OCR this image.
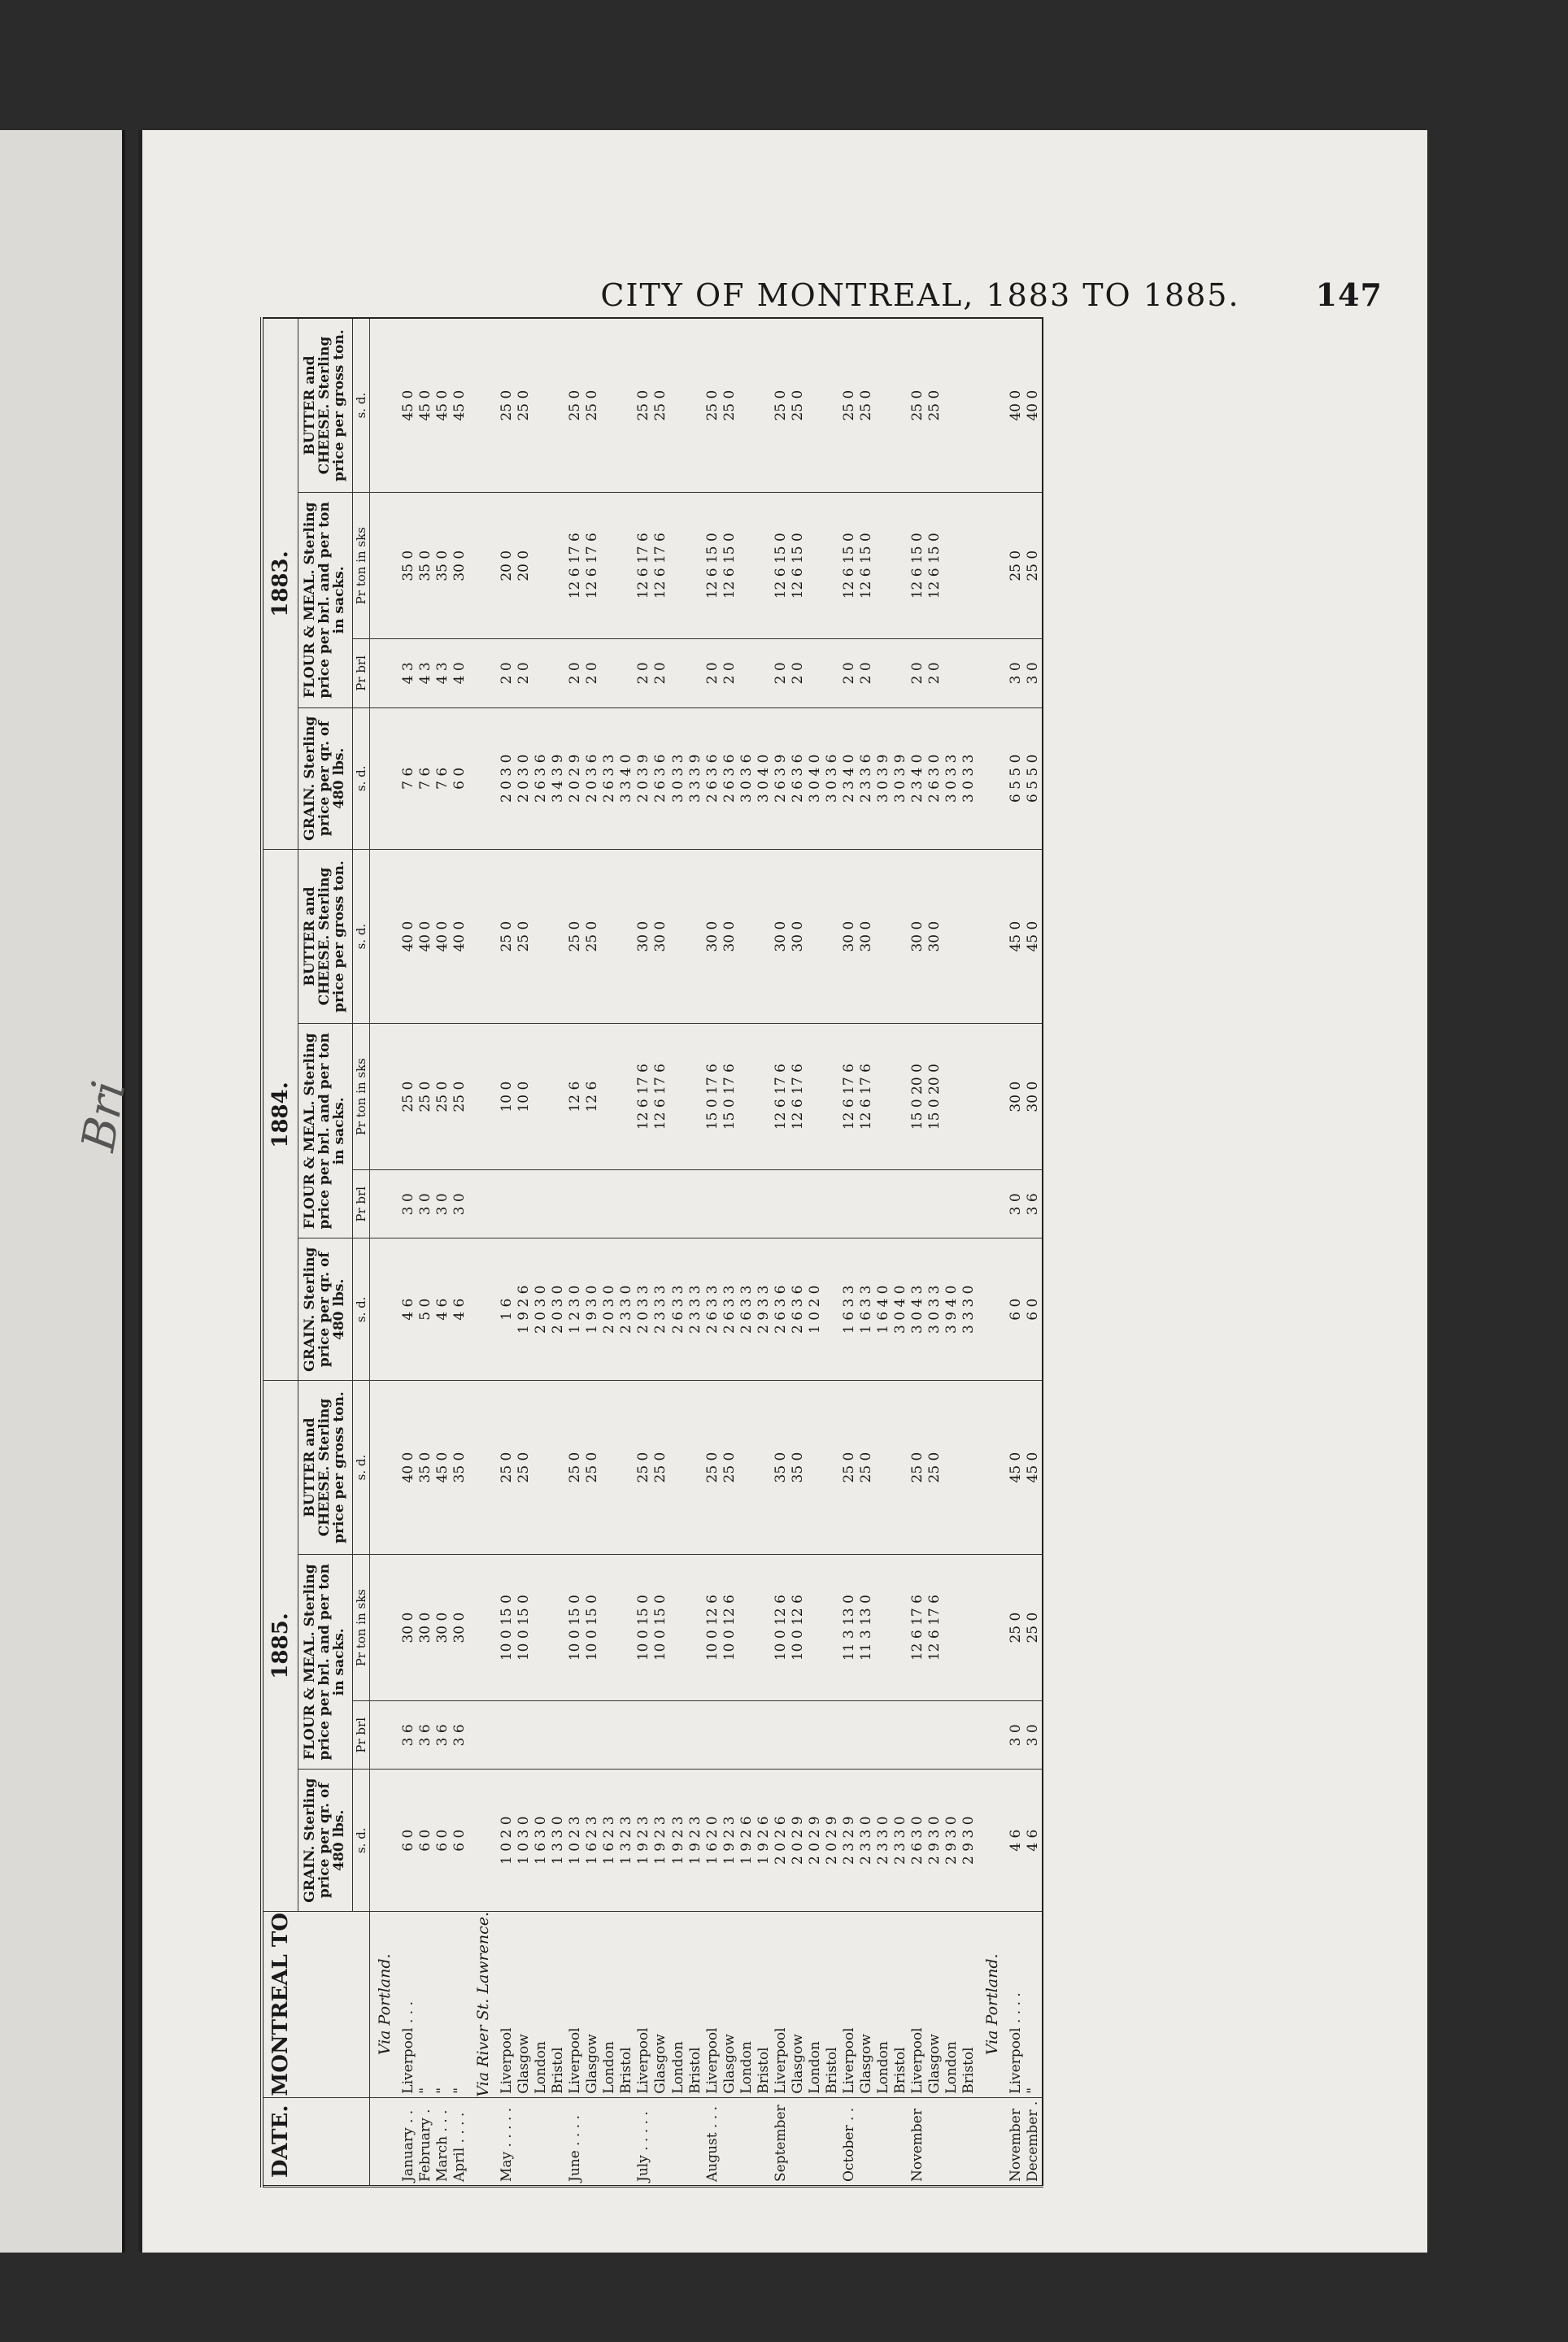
Bri
CITY OF MONTREAL, 1883 TO 1885. 147
DATE.	MONTREAL TO	1885.				1884.				1883.			
		GRAIN. Sterling price per qr. of 480 lbs.	FLOUR & MEAL. Sterling price per brl. and per ton in sacks.		BUTTER and CHEESE. Sterling price per gross ton.	GRAIN. Sterling price per qr. of 480 lbs.	FLOUR & MEAL. Sterling price per brl. and per ton in sacks.		BUTTER and CHEESE. Sterling price per gross ton.	GRAIN. Sterling price per qr. of 480 lbs.	FLOUR & MEAL. Sterling price per brl. and per ton in sacks.		BUTTER and CHEESE. Sterling price per gross ton.
		s. d.	Pr brl	Pr ton in sks	s. d.	s. d.	Pr brl	Pr ton in sks	s. d.	s. d.	Pr brl	Pr ton in sks	s. d.
	Via Portland.												
January . .	Liverpool . . .	6 0	3 6	30 0	40 0	4 6	3 0	25 0	40 0	7 6	4 3	35 0	45 0
February .	"	6 0	3 6	30 0	35 0	5 0	3 0	25 0	40 0	7 6	4 3	35 0	45 0
March . . .	"	6 0	3 6	30 0	45 0	4 6	3 0	25 0	40 0	7 6	4 3	35 0	45 0
April . . . .	"	6 0	3 6	30 0	35 0	4 6	3 0	25 0	40 0	6 0	4 0	30 0	45 0
	Via River St. Lawrence.												
May . . . . .	Liverpool	1 0 2 0		10 0 15 0	25 0	1 6		10 0	25 0	2 0 3 0	2 0	20 0	25 0
	Glasgow	1 0 3 0		10 0 15 0	25 0	1 9 2 6		10 0	25 0	2 0 3 0	2 0	20 0	25 0
	London	1 6 3 0				2 0 3 0				2 6 3 6			
	Bristol	1 3 3 0				2 0 3 0				3 4 3 9			
June . . . .	Liverpool	1 0 2 3		10 0 15 0	25 0	1 2 3 0		12 6	25 0	2 0 2 9	2 0	12 6 17 6	25 0
	Glasgow	1 6 2 3		10 0 15 0	25 0	1 9 3 0		12 6	25 0	2 0 3 6	2 0	12 6 17 6	25 0
	London	1 6 2 3				2 0 3 0				2 6 3 3			
	Bristol	1 3 2 3				2 3 3 0				3 3 4 0			
July . . . . .	Liverpool	1 9 2 3		10 0 15 0	25 0	2 0 3 3		12 6 17 6	30 0	2 0 3 9	2 0	12 6 17 6	25 0
	Glasgow	1 9 2 3		10 0 15 0	25 0	2 3 3 3		12 6 17 6	30 0	2 6 3 6	2 0	12 6 17 6	25 0
	London	1 9 2 3				2 6 3 3				3 0 3 3			
	Bristol	1 9 2 3				2 3 3 3				3 3 3 9			
August . . .	Liverpool	1 6 2 0		10 0 12 6	25 0	2 6 3 3		15 0 17 6	30 0	2 6 3 6	2 0	12 6 15 0	25 0
	Glasgow	1 9 2 3		10 0 12 6	25 0	2 6 3 3		15 0 17 6	30 0	2 6 3 6	2 0	12 6 15 0	25 0
	London	1 9 2 6				2 6 3 3				3 0 3 6			
	Bristol	1 9 2 6				2 9 3 3				3 0 4 0			
September	Liverpool	2 0 2 6		10 0 12 6	35 0	2 6 3 6		12 6 17 6	30 0	2 6 3 9	2 0	12 6 15 0	25 0
	Glasgow	2 0 2 9		10 0 12 6	35 0	2 6 3 6		12 6 17 6	30 0	2 6 3 6	2 0	12 6 15 0	25 0
	London	2 0 2 9				1 0 2 0				3 0 4 0			
	Bristol	2 0 2 9								3 0 3 6			
October . .	Liverpool	2 3 2 9		11 3 13 0	25 0	1 6 3 3		12 6 17 6	30 0	2 3 4 0	2 0	12 6 15 0	25 0
	Glasgow	2 3 3 0		11 3 13 0	25 0	1 6 3 3		12 6 17 6	30 0	2 3 3 6	2 0	12 6 15 0	25 0
	London	2 3 3 0				1 6 4 0				3 0 3 9			
	Bristol	2 3 3 0				3 0 4 0				3 0 3 9			
November	Liverpool	2 6 3 0		12 6 17 6	25 0	3 0 4 3		15 0 20 0	30 0	2 3 4 0	2 0	12 6 15 0	25 0
	Glasgow	2 9 3 0		12 6 17 6	25 0	3 0 3 3		15 0 20 0	30 0	2 6 3 0	2 0	12 6 15 0	25 0
	London	2 9 3 0				3 9 4 0				3 0 3 3			
	Bristol	2 9 3 0				3 3 3 0				3 0 3 3			
	Via Portland.												
November	Liverpool . . . .	4 6	3 0	25 0	45 0	6 0	3 0	30 0	45 0	6 5 5 0	3 0	25 0	40 0
December .	"	4 6	3 0	25 0	45 0	6 0	3 6	30 0	45 0	6 5 5 0	3 0	25 0	40 0
